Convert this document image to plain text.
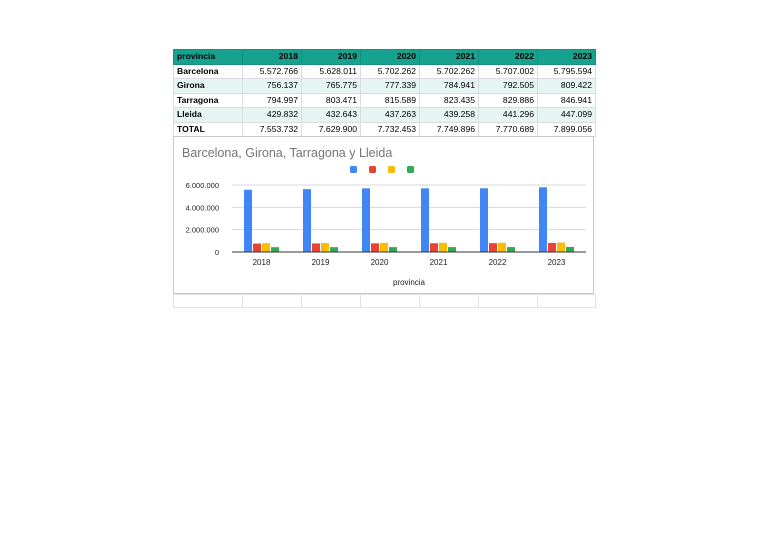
provincia	2018	2019	2020	2021	2022	2023
Barcelona	5.572.766	5.628.011	5.702.262	5.702.262	5.707.002	5.795.594
Girona	756.137	765.775	777.339	784.941	792.505	809.422
Tarragona	794.997	803.471	815.589	823.435	829.886	846.941
Lleida	429.832	432.643	437.263	439.258	441.296	447.099
TOTAL	7.553.732	7.629.900	7.732.453	7.749.896	7.770.689	7.899.056
Barcelona, Girona, Tarragona y Lleida
0
2.000.000
4.000.000
6.000.000
2018	2019	2020	2021	2022	2023
provincia
